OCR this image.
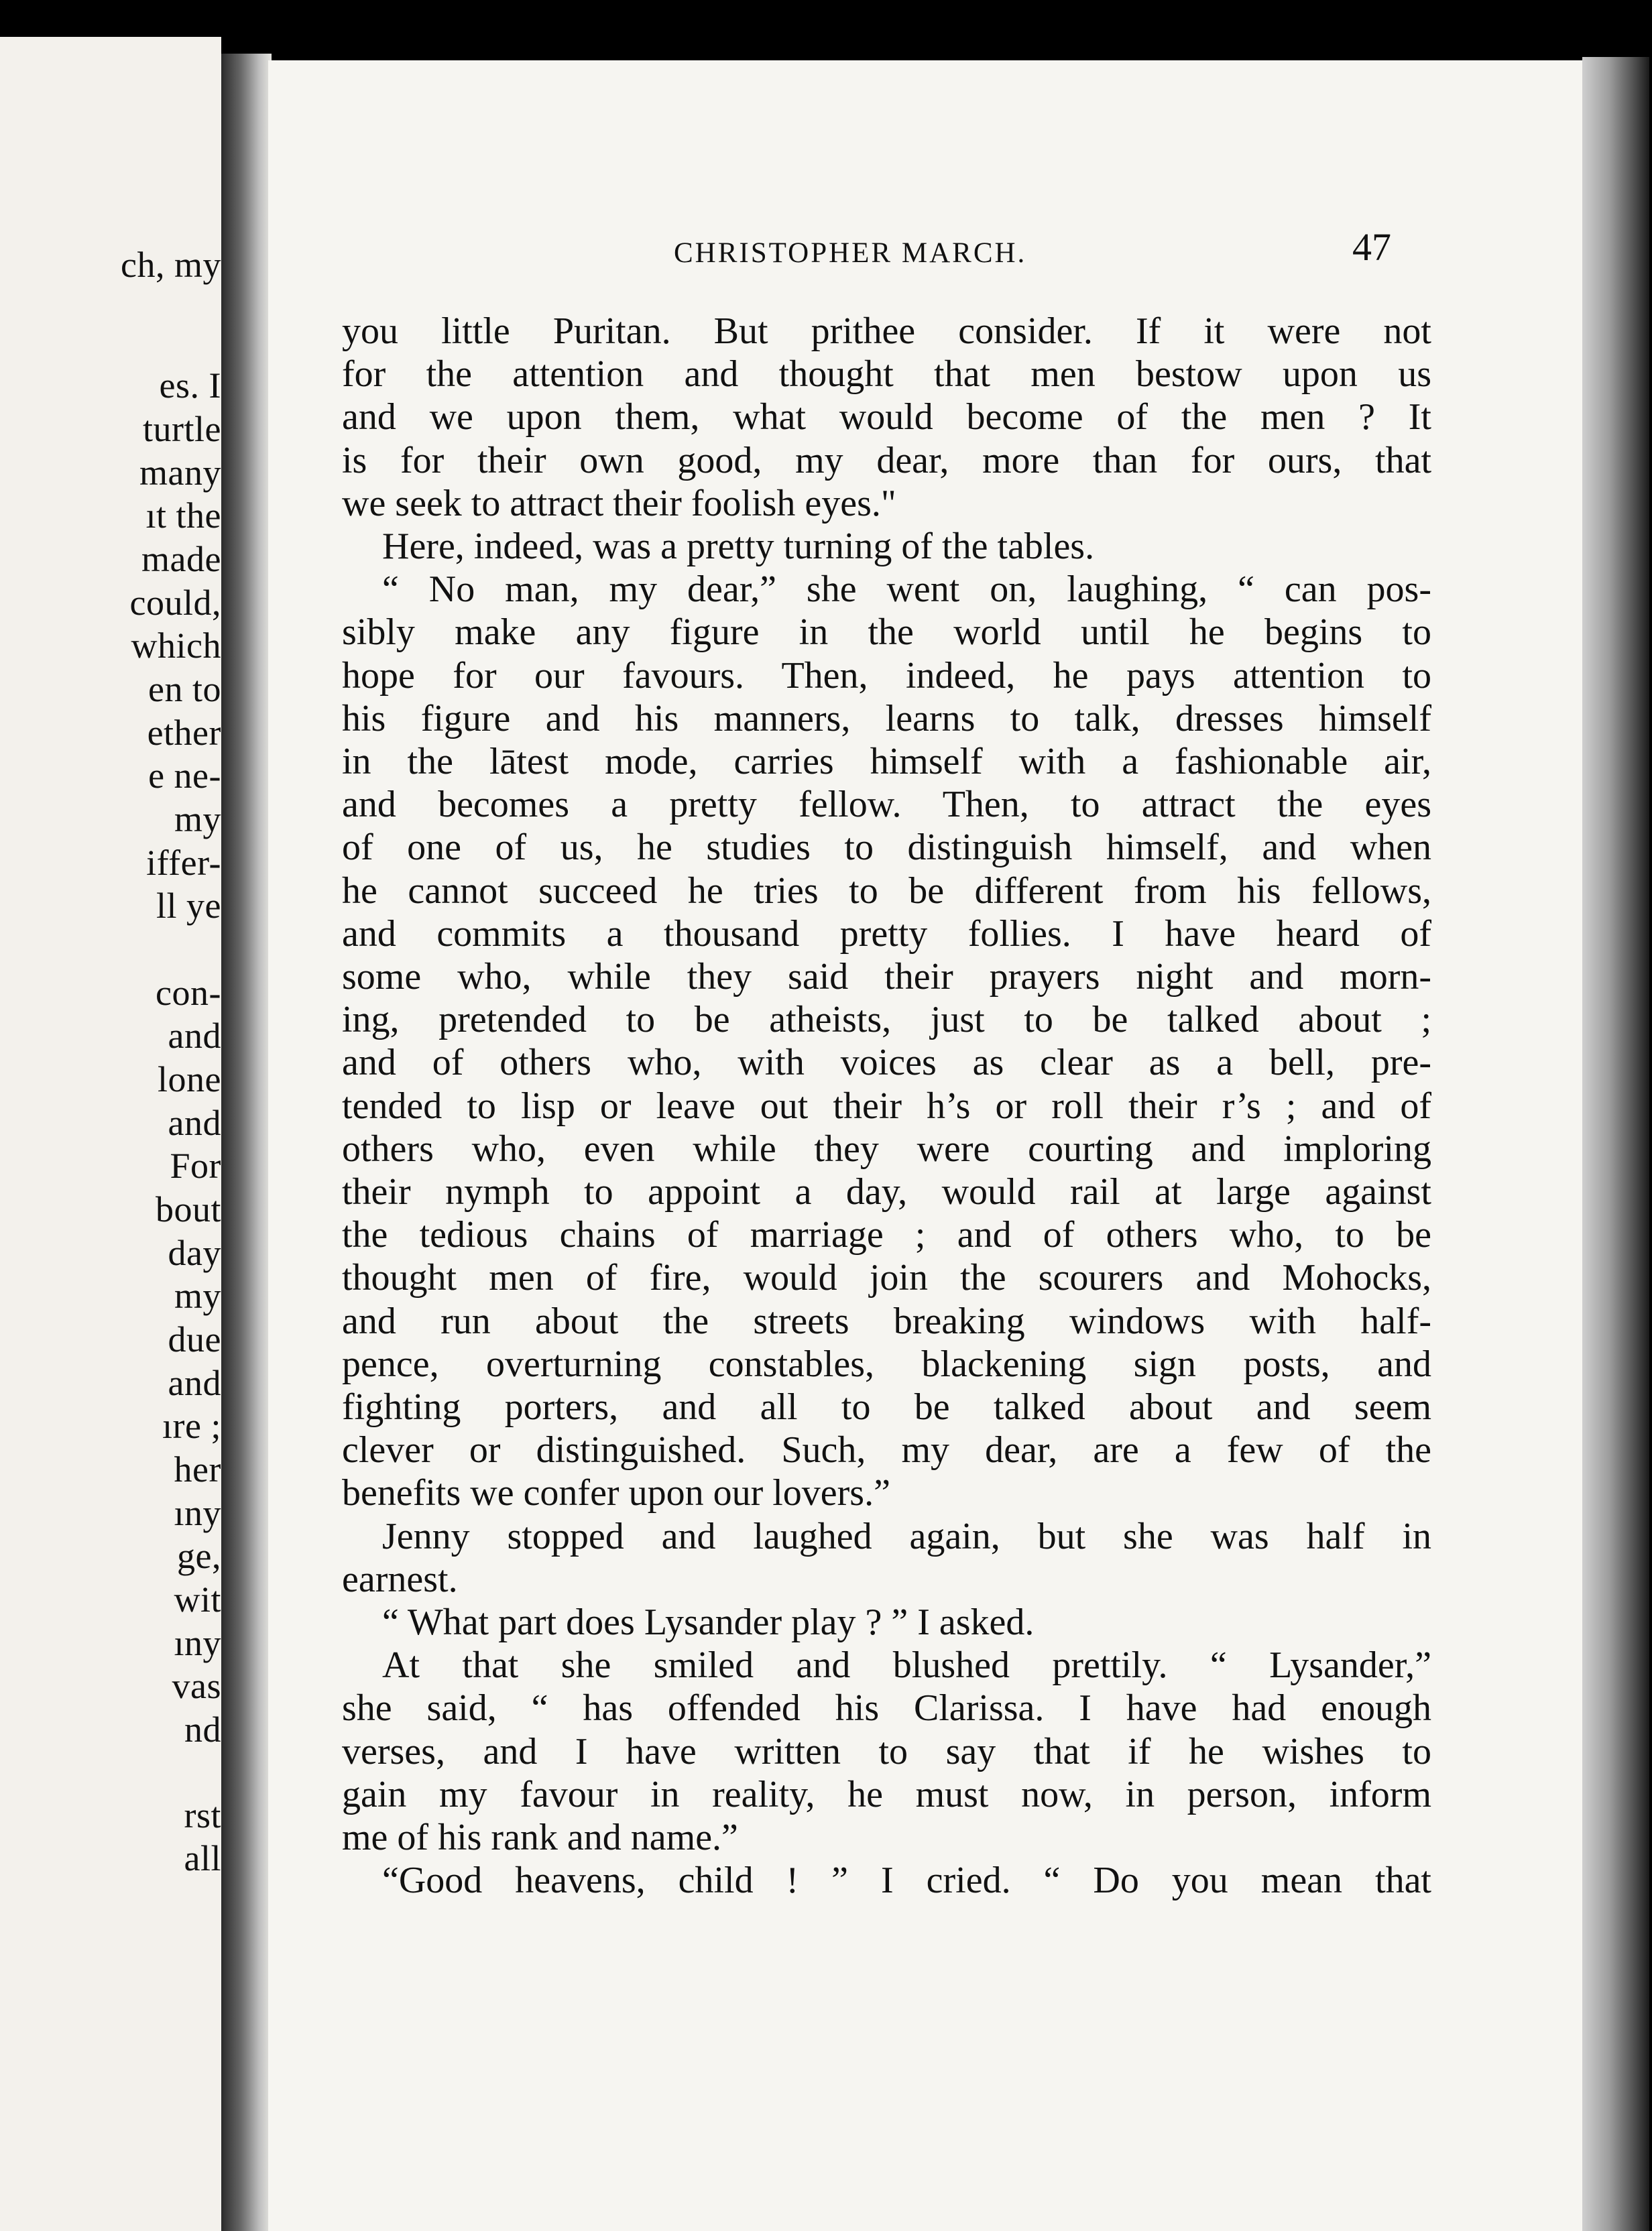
ch, my
es. I
turtle
many
ıt the
made
could,
which
en to
ether
e ne-
my
iffer-
ll ye
con-
and
lone
and
For
bout
day
my
due
and
ıre ;
her
ıny
ge,
wit
ıny
vas
nd
rst
all
CHRISTOPHER MARCH.	47
you little Puritan. But prithee consider. If it were not
for the attention and thought that men bestow upon us
and we upon them, what would become of the men ? It
is for their own good, my dear, more than for ours, that
we seek to attract their foolish eyes."
Here, indeed, was a pretty turning of the tables.
“ No man, my dear,” she went on, laughing, “ can pos-
sibly make any figure in the world until he begins to
hope for our favours. Then, indeed, he pays attention to
his figure and his manners, learns to talk, dresses himself
in the lātest mode, carries himself with a fashionable air,
and becomes a pretty fellow. Then, to attract the eyes
of one of us, he studies to distinguish himself, and when
he cannot succeed he tries to be different from his fellows,
and commits a thousand pretty follies. I have heard of
some who, while they said their prayers night and morn-
ing, pretended to be atheists, just to be talked about ;
and of others who, with voices as clear as a bell, pre-
tended to lisp or leave out their h’s or roll their r’s ; and of
others who, even while they were courting and imploring
their nymph to appoint a day, would rail at large against
the tedious chains of marriage ; and of others who, to be
thought men of fire, would join the scourers and Mohocks,
and run about the streets breaking windows with half-
pence, overturning constables, blackening sign posts, and
fighting porters, and all to be talked about and seem
clever or distinguished. Such, my dear, are a few of the
benefits we confer upon our lovers.”
Jenny stopped and laughed again, but she was half in
earnest.
“ What part does Lysander play ? ” I asked.
At that she smiled and blushed prettily. “ Lysander,”
she said, “ has offended his Clarissa. I have had enough
verses, and I have written to say that if he wishes to
gain my favour in reality, he must now, in person, inform
me of his rank and name.”
“Good heavens, child ! ” I cried. “ Do you mean that
